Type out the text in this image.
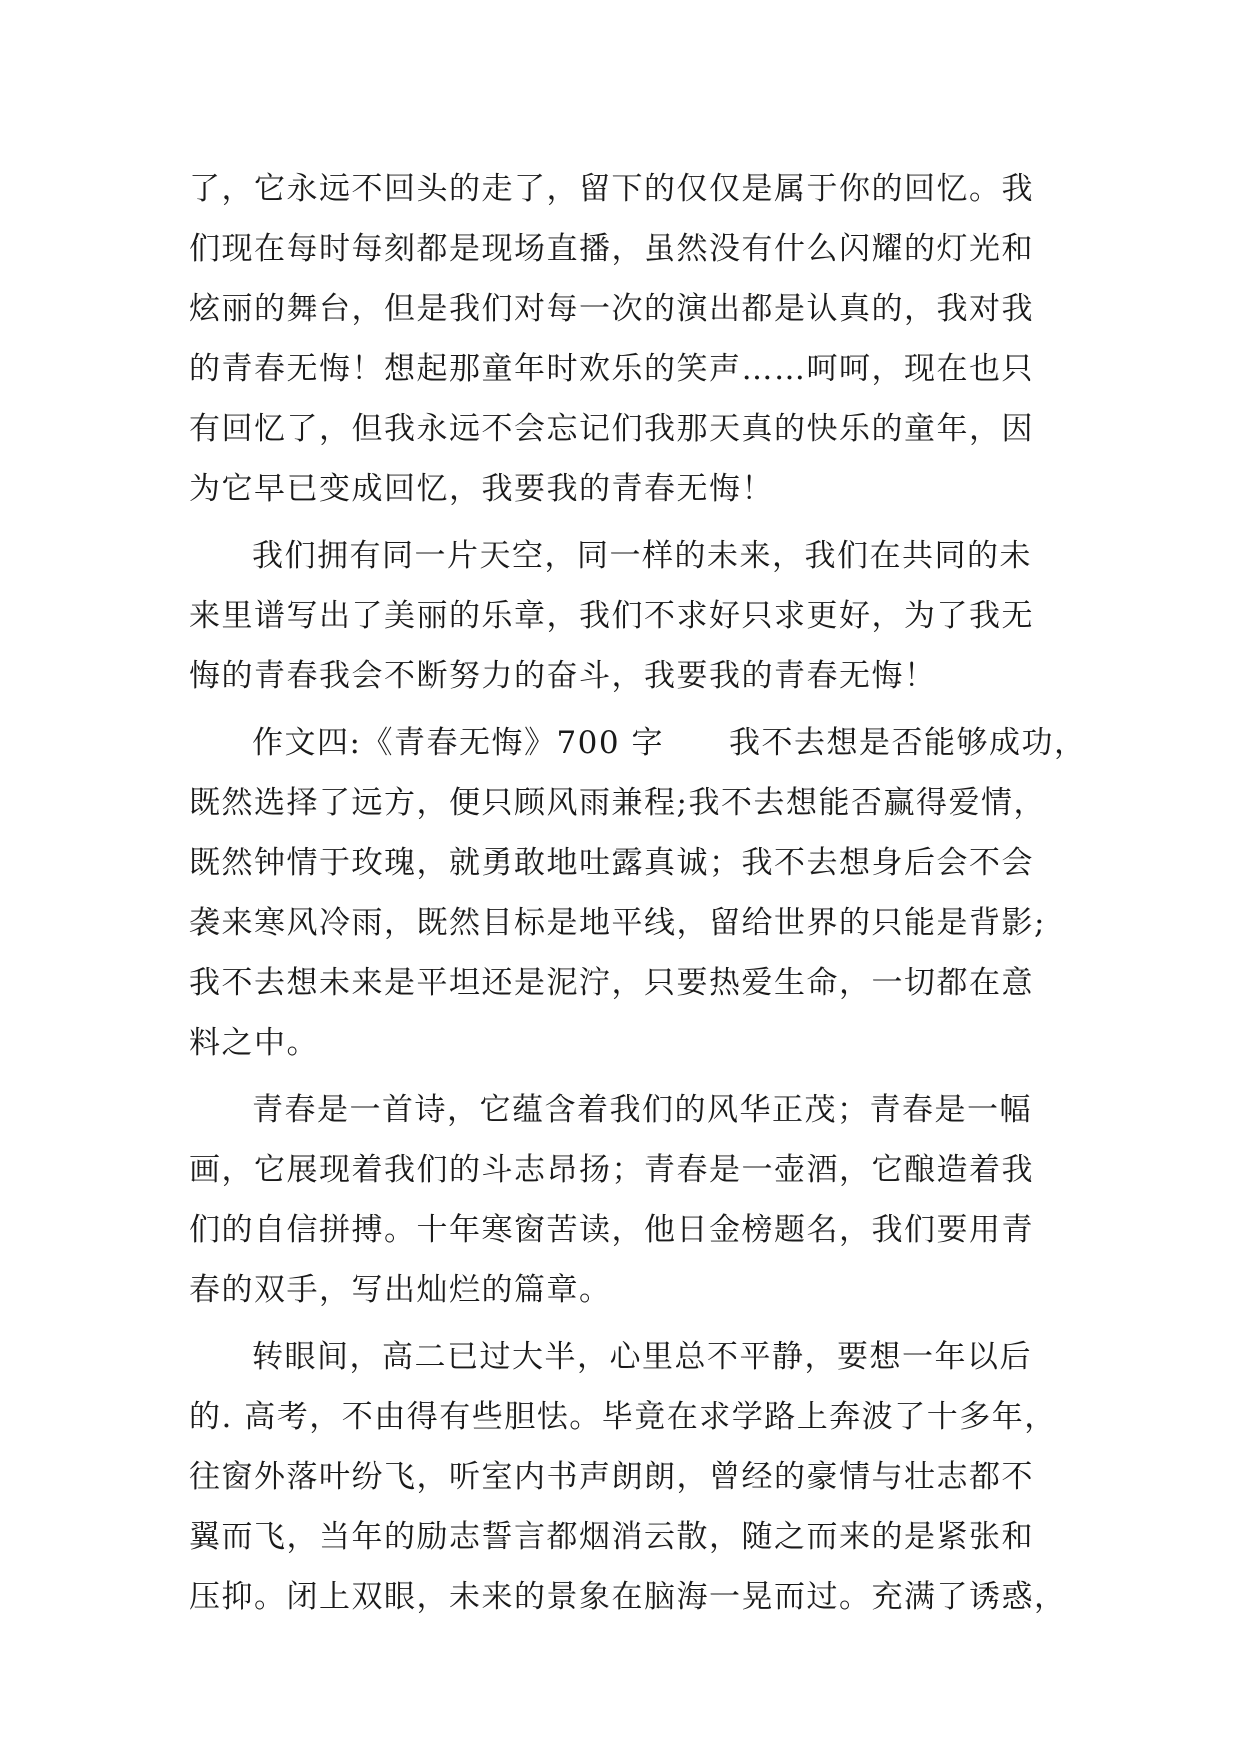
了，它永远不回头的走了，留下的仅仅是属于你的回忆。我
们现在每时每刻都是现场直播，虽然没有什么闪耀的灯光和
炫丽的舞台，但是我们对每一次的演出都是认真的，我对我
的青春无悔！想起那童年时欢乐的笑声……呵呵，现在也只
有回忆了，但我永远不会忘记们我那天真的快乐的童年，因
为它早已变成回忆，我要我的青春无悔！
我们拥有同一片天空，同一样的未来，我们在共同的未
来里谱写出了美丽的乐章，我们不求好只求更好，为了我无
悔的青春我会不断努力的奋斗，我要我的青春无悔！
作文四:《青春无悔》700 字　　我不去想是否能够成功，
既然选择了远方，便只顾风雨兼程;我不去想能否赢得爱情，
既然钟情于玫瑰，就勇敢地吐露真诚；我不去想身后会不会
袭来寒风冷雨，既然目标是地平线，留给世界的只能是背影;
我不去想未来是平坦还是泥泞，只要热爱生命，一切都在意
料之中。
青春是一首诗，它蕴含着我们的风华正茂；青春是一幅
画，它展现着我们的斗志昂扬；青春是一壶酒，它酿造着我
们的自信拼搏。十年寒窗苦读，他日金榜题名，我们要用青
春的双手，写出灿烂的篇章。
转眼间，高二已过大半，心里总不平静，要想一年以后
的. 高考，不由得有些胆怯。毕竟在求学路上奔波了十多年，
往窗外落叶纷飞，听室内书声朗朗，曾经的豪情与壮志都不
翼而飞，当年的励志誓言都烟消云散，随之而来的是紧张和
压抑。闭上双眼，未来的景象在脑海一晃而过。充满了诱惑，
